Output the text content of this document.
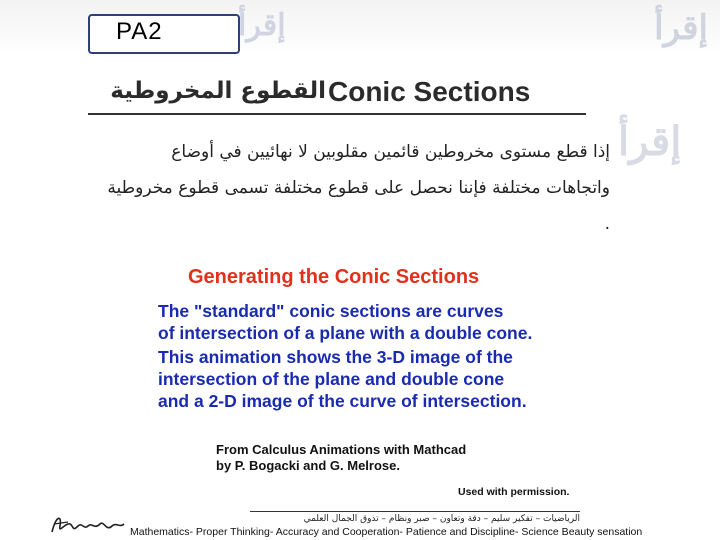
PA2	إقرأ	إقرأ
إقرأ
القطوع المخروطية Conic Sections
إذا قطع مستوى مخروطين قائمين مقلوبين لا نهائيين في أوضاع
واتجاهات مختلفة فإننا نحصل على قطوع مختلفة تسمى قطوع مخروطية
.
Generating the Conic Sections

The "standard" conic sections are curves

of intersection of a plane with a double cone.

This animation shows the 3-D image of the

intersection of the plane and double cone

and a 2-D image of the curve of intersection.

From Calculus Animations with Mathcad

by P. Bogacki and G. Melrose.

Used with permission.
الرياضيات – تفكير سليم – دقة وتعاون – صبر ونظام – تذوق الجمال العلمي
Mathematics- Proper Thinking- Accuracy and Cooperation- Patience and Discipline- Science Beauty sensation
